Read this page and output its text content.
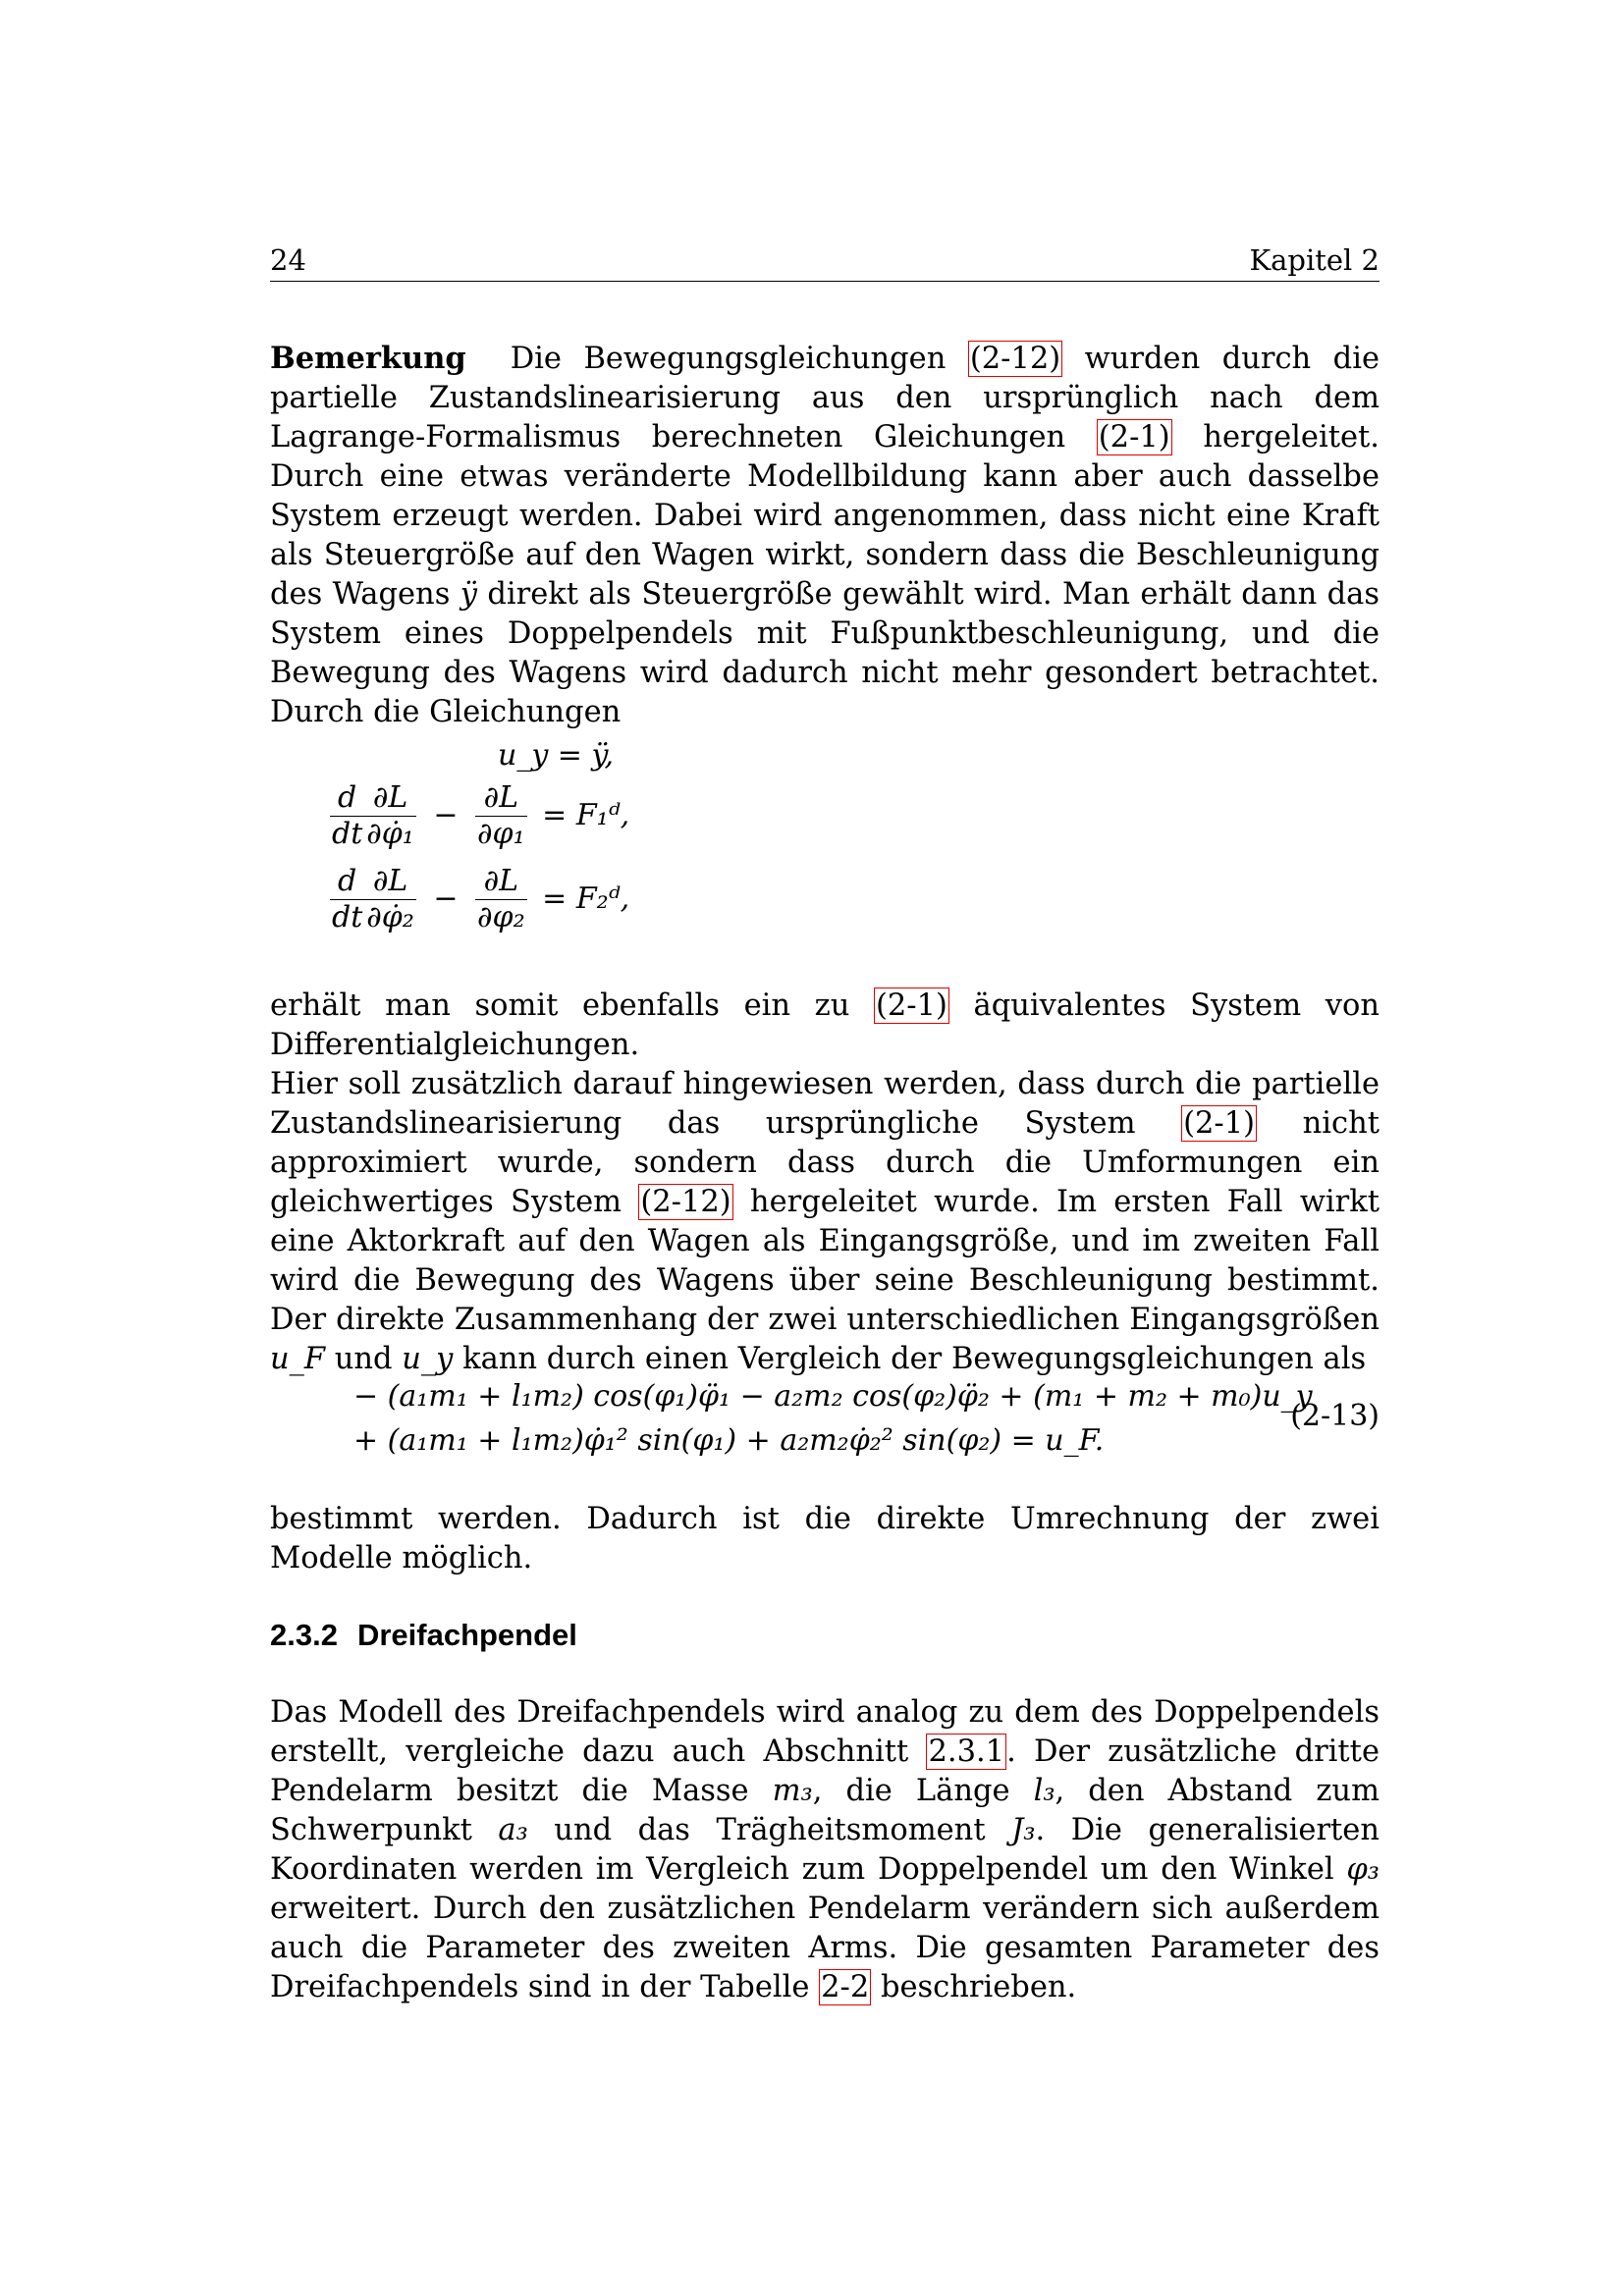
24	Kapitel 2

Bemerkung Die Bewegungsgleichungen (2-12) wurden durch die partielle Zustandslinearisierung aus den ursprünglich nach dem Lagrange-Formalismus berechneten Gleichungen (2-1) hergeleitet. Durch eine etwas veränderte Modellbildung kann aber auch dasselbe System erzeugt werden. Dabei wird angenommen, dass nicht eine Kraft als Steuergröße auf den Wagen wirkt, sondern dass die Beschleunigung des Wagens ÿ direkt als Steuergröße gewählt wird. Man erhält dann das System eines Doppelpendels mit Fußpunktbeschleunigung, und die Bewegung des Wagens wird dadurch nicht mehr gesondert betrachtet. Durch die Gleichungen

u_y = ÿ,
$\frac{d}{dt} \frac{\partial L}{\text{∂φ̇₁}} - \frac{\partial L}{\text{∂φ₁}}$ = F₁ᵈ,
$\frac{d}{dt} \frac{\partial L}{\text{∂φ̇₂}} - \frac{\partial L}{\text{∂φ₂}}$ = F₂ᵈ,

erhält man somit ebenfalls ein zu (2-1) äquivalentes System von Differentialgleichungen.

Hier soll zusätzlich darauf hingewiesen werden, dass durch die partielle Zustandslinearisierung das ursprüngliche System (2-1) nicht approximiert wurde, sondern dass durch die Umformungen ein gleichwertiges System (2-12) hergeleitet wurde. Im ersten Fall wirkt eine Aktorkraft auf den Wagen als Eingangsgröße, und im zweiten Fall wird die Bewegung des Wagens über seine Beschleunigung bestimmt. Der direkte Zusammenhang der zwei unterschiedlichen Eingangsgrößen u_F und u_y kann durch einen Vergleich der Bewegungsgleichungen als

− (a₁m₁ + l₁m₂) cos(φ₁)φ̈₁ − a₂m₂ cos(φ₂)φ̈₂ + (m₁ + m₂ + m₀)u_y
+ (a₁m₁ + l₁m₂)φ̇₁² sin(φ₁) + a₂m₂φ̇₂² sin(φ₂) = u_F.
(2-13)

bestimmt werden. Dadurch ist die direkte Umrechnung der zwei Modelle möglich.

2.3.2 Dreifachpendel

Das Modell des Dreifachpendels wird analog zu dem des Doppelpendels erstellt, vergleiche dazu auch Abschnitt 2.3.1. Der zusätzliche dritte Pendelarm besitzt die Masse m₃, die Länge l₃, den Abstand zum Schwerpunkt a₃ und das Trägheitsmoment J₃. Die generalisierten Koordinaten werden im Vergleich zum Doppelpendel um den Winkel φ₃ erweitert. Durch den zusätzlichen Pendelarm verändern sich außerdem auch die Parameter des zweiten Arms. Die gesamten Parameter des Dreifachpendels sind in der Tabelle 2-2 beschrieben.
